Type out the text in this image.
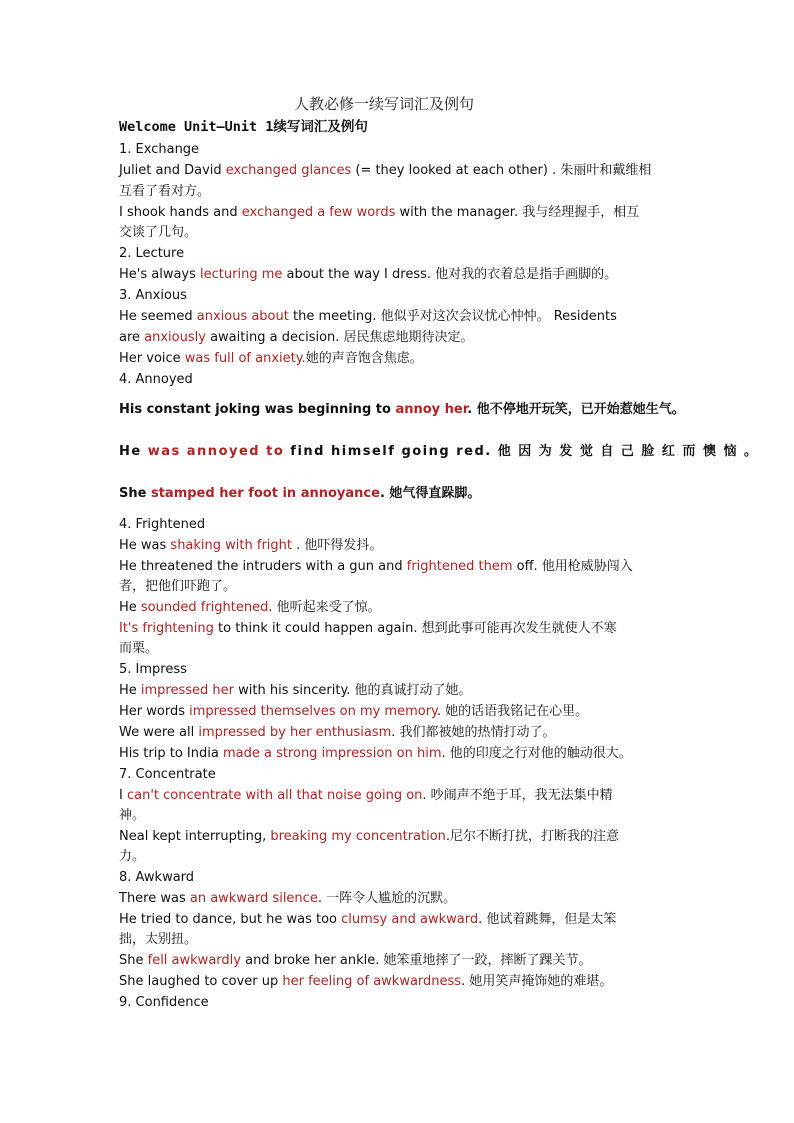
人教必修一续写词汇及例句
Welcome Unit—Unit 1续写词汇及例句
1. Exchange
Juliet and David exchanged glances (= they looked at each other) . 朱丽叶和戴维相
互看了看对方。
I shook hands and exchanged a few words with the manager. 我与经理握手，相互
交谈了几句。
2. Lecture
He's always lecturing me about the way I dress. 他对我的衣着总是指手画脚的。
3. Anxious
He seemed anxious about the meeting. 他似乎对这次会议忧心忡忡。 Residents
are anxiously awaiting a decision. 居民焦虑地期待决定。
Her voice was full of anxiety.她的声音饱含焦虑。
4. Annoyed
His constant joking was beginning to annoy her. 他不停地开玩笑，已开始惹她生气。
He was annoyed to find himself going red. 他 因 为 发 觉 自 己 脸 红 而 懊 恼 。
She stamped her foot in annoyance. 她气得直跺脚。
4. Frightened
He was shaking with fright . 他吓得发抖。
He threatened the intruders with a gun and frightened them off. 他用枪威胁闯入
者，把他们吓跑了。
He sounded frightened. 他听起来受了惊。
It's frightening to think it could happen again. 想到此事可能再次发生就使人不寒
而栗。
5. Impress
He impressed her with his sincerity. 他的真诚打动了她。
Her words impressed themselves on my memory. 她的话语我铭记在心里。
We were all impressed by her enthusiasm. 我们都被她的热情打动了。
His trip to India made a strong impression on him. 他的印度之行对他的触动很大。
7. Concentrate
I can't concentrate with all that noise going on. 吵闹声不绝于耳，我无法集中精
神。
Neal kept interrupting, breaking my concentration.尼尔不断打扰，打断我的注意
力。
8. Awkward
There was an awkward silence. 一阵令人尴尬的沉默。
He tried to dance, but he was too clumsy and awkward. 他试着跳舞，但是太笨
拙，太别扭。
She fell awkwardly and broke her ankle. 她笨重地摔了一跤，摔断了踝关节。
She laughed to cover up her feeling of awkwardness. 她用笑声掩饰她的难堪。
9. Confidence
